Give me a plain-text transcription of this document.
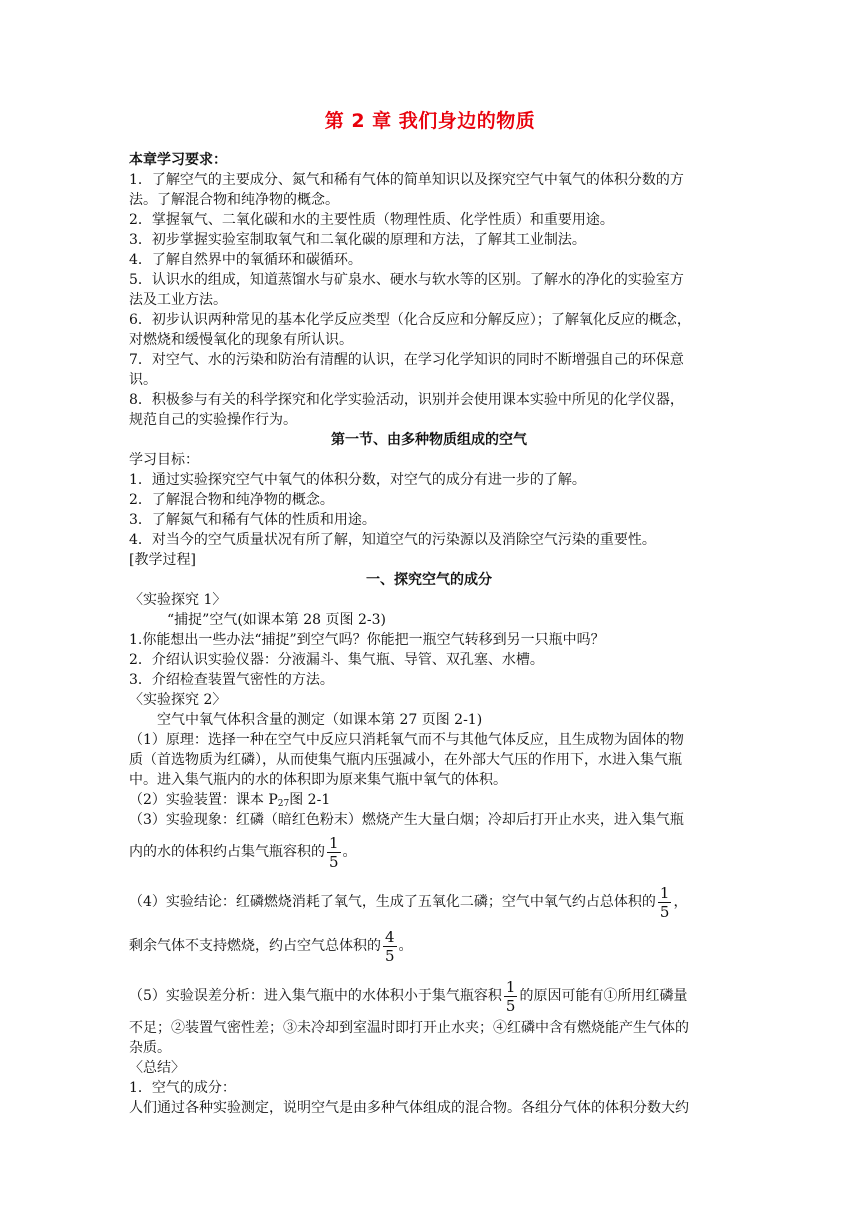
第 2 章 我们身边的物质
本章学习要求：
1．了解空气的主要成分、氮气和稀有气体的简单知识以及探究空气中氧气的体积分数的方
法。了解混合物和纯净物的概念。
2．掌握氧气、二氧化碳和水的主要性质（物理性质、化学性质）和重要用途。
3．初步掌握实验室制取氧气和二氧化碳的原理和方法，了解其工业制法。
4．了解自然界中的氧循环和碳循环。
5．认识水的组成，知道蒸馏水与矿泉水、硬水与软水等的区别。了解水的净化的实验室方
法及工业方法。
6．初步认识两种常见的基本化学反应类型（化合反应和分解反应）；了解氧化反应的概念，
对燃烧和缓慢氧化的现象有所认识。
7．对空气、水的污染和防治有清醒的认识，在学习化学知识的同时不断增强自己的环保意
识。
8．积极参与有关的科学探究和化学实验活动，识别并会使用课本实验中所见的化学仪器，
规范自己的实验操作行为。
第一节、由多种物质组成的空气
学习目标：
1．通过实验探究空气中氧气的体积分数，对空气的成分有进一步的了解。
2．了解混合物和纯净物的概念。
3．了解氮气和稀有气体的性质和用途。
4．对当今的空气质量状况有所了解，知道空气的污染源以及消除空气污染的重要性。
[教学过程]
一、探究空气的成分
〈实验探究 1〉
“捕捉”空气(如课本第 28 页图 2-3)
1.你能想出一些办法“捕捉”到空气吗？你能把一瓶空气转移到另一只瓶中吗？
2．介绍认识实验仪器：分液漏斗、集气瓶、导管、双孔塞、水槽。
3．介绍检查装置气密性的方法。
〈实验探究 2〉
空气中氧气体积含量的测定（如课本第 27 页图 2-1)
（1）原理：选择一种在空气中反应只消耗氧气而不与其他气体反应，且生成物为固体的物
质（首选物质为红磷），从而使集气瓶内压强减小，在外部大气压的作用下，水进入集气瓶
中。进入集气瓶内的水的体积即为原来集气瓶中氧气的体积。
（2）实验装置：课本 $P_{27}$图 2-1
（3）实验现象：红磷（暗红色粉末）燃烧产生大量白烟；冷却后打开止水夹，进入集气瓶
内的水的体积约占集气瓶容积的 $\frac{1}{5}$ 。
（4）实验结论：红磷燃烧消耗了氧气，生成了五氧化二磷；空气中氧气约占总体积的 $\frac{1}{5}$ ，
剩余气体不支持燃烧，约占空气总体积的 $\frac{4}{5}$ 。
（5）实验误差分析：进入集气瓶中的水体积小于集气瓶容积 $\frac{1}{5}$ 的原因可能有①所用红磷量
不足；②装置气密性差；③未冷却到室温时即打开止水夹；④红磷中含有燃烧能产生气体的
杂质。
〈总结〉
1．空气的成分：
人们通过各种实验测定，说明空气是由多种气体组成的混合物。各组分气体的体积分数大约
